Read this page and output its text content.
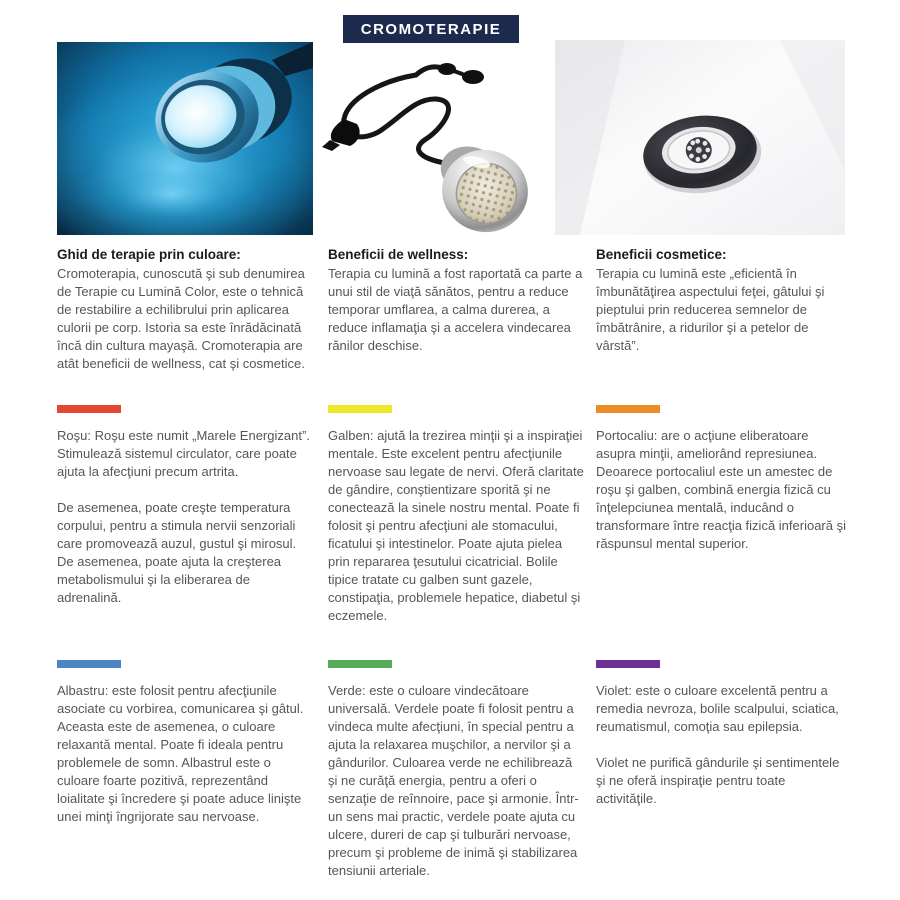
CROMOTERAPIE
Ghid de terapie prin culoare:

Cromoterapia, cunoscută şi sub denumirea de Terapie cu Lumină Color, este o tehnică de restabilire a echilibrului prin aplicarea culorii pe corp. Istoria sa este înrădăcinată încă din cultura mayaşă. Cromoterapia are atât beneficii de wellness, cat şi cosmetice.

Roşu: Roşu este numit „Marele Energizant”. Stimulează sistemul circulator, care poate ajuta la afecţiuni precum artrita.

De asemenea, poate creşte temperatura corpului, pentru a stimula nervii senzoriali care promovează auzul, gustul şi mirosul. De asemenea, poate ajuta la creşterea metabolismului şi la eliberarea de adrenalină.

Albastru: este folosit pentru afecţiunile asociate cu vorbirea, comunicarea şi gâtul. Aceasta este de asemenea, o culoare relaxantă mental. Poate fi ideala pentru problemele de somn. Albastrul este o culoare foarte pozitivă, reprezentând loialitate şi încredere şi poate aduce linişte unei minţi îngrijorate sau nervoase.

Beneficii de wellness:

Terapia cu lumină a fost raportată ca parte a unui stil de viaţă sănătos, pentru a reduce temporar umflarea, a calma durerea, a reduce inflamaţia şi a accelera vindecarea rănilor deschise.

Galben: ajută la trezirea minţii şi a inspiraţiei mentale. Este excelent pentru afecţiunile nervoase sau legate de nervi. Oferă claritate de gândire, conştientizare sporită şi ne conectează la sinele nostru mental. Poate fi folosit şi pentru afecţiuni ale stomacului, ficatului şi intestinelor. Poate ajuta pielea prin repararea ţesutului cicatricial. Bolile tipice tratate cu galben sunt gazele, constipaţia, problemele hepatice, diabetul şi eczemele.

Verde: este o culoare vindecătoare universală. Verdele poate fi folosit pentru a vindeca multe afecţiuni, în special pentru a ajuta la relaxarea muşchilor, a nervilor şi a gândurilor. Culoarea verde ne echilibrează şi ne curăţă energia, pentru a oferi o senzaţie de reînnoire, pace şi armonie. Într-un sens mai practic, verdele poate ajuta cu ulcere, dureri de cap şi tulburări nervoase, precum şi probleme de inimă şi stabilizarea tensiunii arteriale.

Beneficii cosmetice:

Terapia cu lumină este „eficientă în îmbunătăţirea aspectului feţei, gâtului şi pieptului prin reducerea semnelor de îmbătrânire, a ridurilor şi a petelor de vârstă”.

Portocaliu: are o acţiune eliberatoare asupra minţii, ameliorând represiunea. Deoarece portocaliul este un amestec de roşu şi galben, combină energia fizică cu înţelepciunea mentală, inducând o transformare între reacţia fizică inferioară şi răspunsul mental superior.

Violet: este o culoare excelentă pentru a remedia nevroza, bolile scalpului, sciatica, reumatismul, comoţia sau epilepsia.

Violet ne purifică gândurile şi sentimentele şi ne oferă inspiraţie pentru toate activităţile.
